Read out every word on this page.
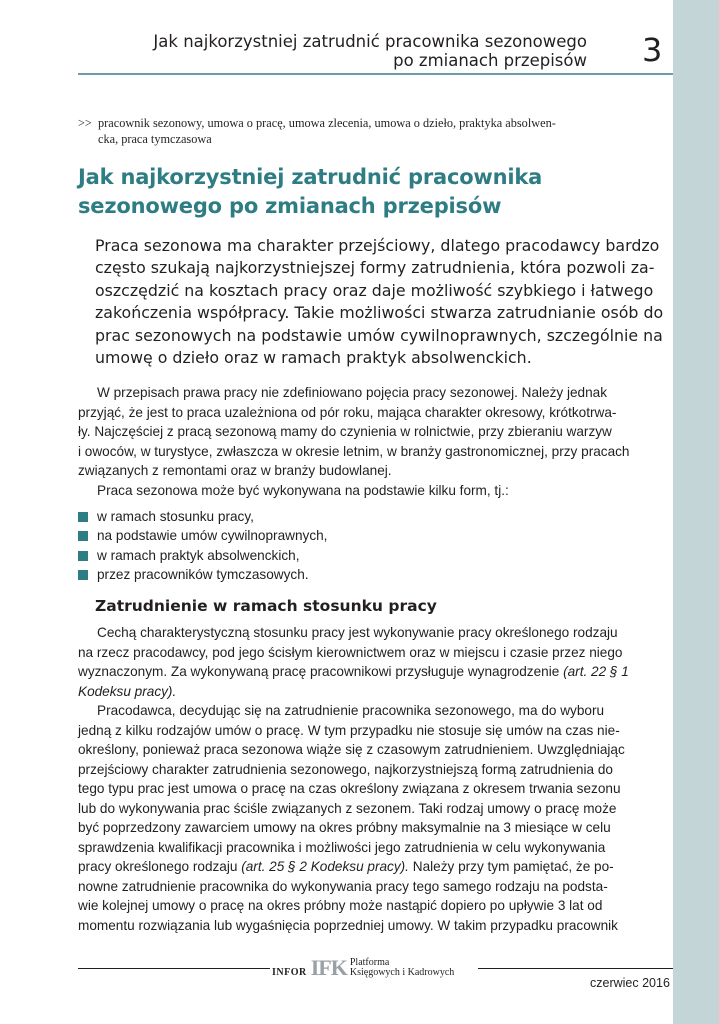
Jak najkorzystniej zatrudnić pracownika sezonowego
po zmianach przepisów 3
>> pracownik sezonowy, umowa o pracę, umowa zlecenia, umowa o dzieło, praktyka absolwen-
cka, praca tymczasowa
Jak najkorzystniej zatrudnić pracownika
sezonowego po zmianach przepisów
Praca sezonowa ma charakter przejściowy, dlatego pracodawcy bardzo
często szukają najkorzystniejszej formy zatrudnienia, która pozwoli za-
oszczędzić na kosztach pracy oraz daje możliwość szybkiego i łatwego
zakończenia współpracy. Takie możliwości stwarza zatrudnianie osób do
prac sezonowych na podstawie umów cywilnoprawnych, szczególnie na
umowę o dzieło oraz w ramach praktyk absolwenckich.

W przepisach prawa pracy nie zdefiniowano pojęcia pracy sezonowej. Należy jednak

przyjąć, że jest to praca uzależniona od pór roku, mająca charakter okresowy, krótkotrwa-

ły. Najczęściej z pracą sezonową mamy do czynienia w rolnictwie, przy zbieraniu warzyw

i owoców, w turystyce, zwłaszcza w okresie letnim, w branży gastronomicznej, przy pracach

związanych z remontami oraz w branży budowlanej.

Praca sezonowa może być wykonywana na podstawie kilku form, tj.:

w ramach stosunku pracy,
na podstawie umów cywilnoprawnych,
w ramach praktyk absolwenckich,
przez pracowników tymczasowych.
Zatrudnienie w ramach stosunku pracy

Cechą charakterystyczną stosunku pracy jest wykonywanie pracy określonego rodzaju

na rzecz pracodawcy, pod jego ścisłym kierownictwem oraz w miejscu i czasie przez niego

wyznaczonym. Za wykonywaną pracę pracownikowi przysługuje wynagrodzenie (art. 22 § 1

Kodeksu pracy).

Pracodawca, decydując się na zatrudnienie pracownika sezonowego, ma do wyboru

jedną z kilku rodzajów umów o pracę. W tym przypadku nie stosuje się umów na czas nie-

określony, ponieważ praca sezonowa wiąże się z czasowym zatrudnieniem. Uwzględniając

przejściowy charakter zatrudnienia sezonowego, najkorzystniejszą formą zatrudnienia do

tego typu prac jest umowa o pracę na czas określony związana z okresem trwania sezonu

lub do wykonywania prac ściśle związanych z sezonem. Taki rodzaj umowy o pracę może

być poprzedzony zawarciem umowy na okres próbny maksymalnie na 3 miesiące w celu

sprawdzenia kwalifikacji pracownika i możliwości jego zatrudnienia w celu wykonywania

pracy określonego rodzaju (art. 25 § 2 Kodeksu pracy). Należy przy tym pamiętać, że po-

nowne zatrudnienie pracownika do wykonywania pracy tego samego rodzaju na podsta-

wie kolejnej umowy o pracę na okres próbny może nastąpić dopiero po upływie 3 lat od

momentu rozwiązania lub wygaśnięcia poprzedniej umowy. W takim przypadku pracownik

INFOR IFK Platforma
Księgowych i Kadrowych
czerwiec 2016
